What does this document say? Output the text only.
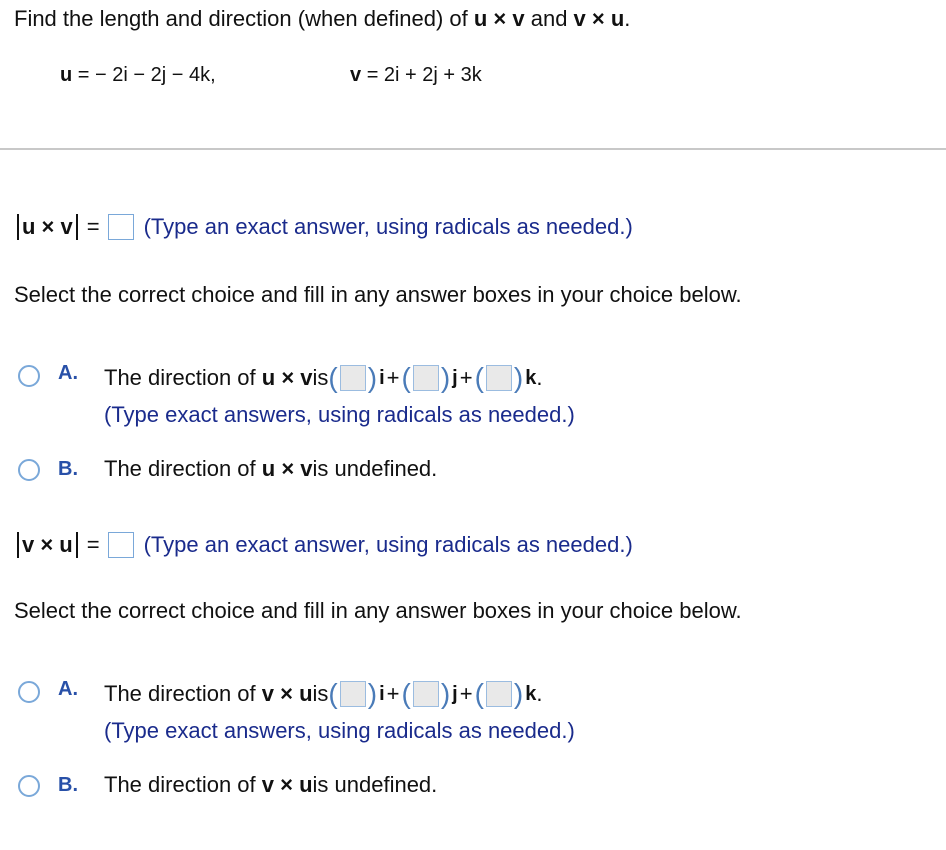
Find the length and direction (when defined) of u × v and v × u.
u = − 2i − 2j − 4k,	v = 2i + 2j + 3k
u × v = (Type an exact answer, using radicals as needed.)
Select the correct choice and fill in any answer boxes in your choice below.
A. The direction of
u × v is ( ) i + ( ) j + ( ) k .
(Type exact answers, using radicals as needed.)
B. The direction of
u × v is undefined.
v × u = (Type an exact answer, using radicals as needed.)
Select the correct choice and fill in any answer boxes in your choice below.
A. The direction of
v × u is ( ) i + ( ) j + ( ) k .
(Type exact answers, using radicals as needed.)
B. The direction of
v × u is undefined.
